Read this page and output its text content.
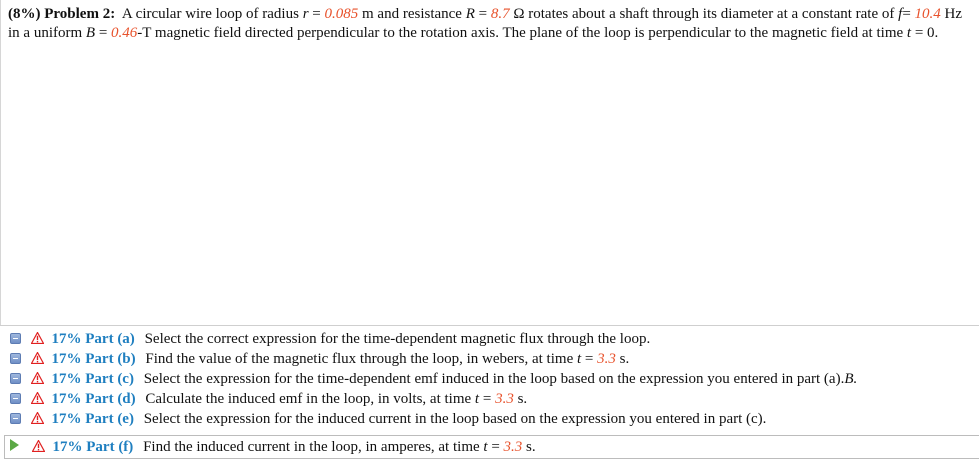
(8%) Problem 2: A circular wire loop of radius r = 0.085 m and resistance R = 8.7 Ω rotates about a shaft through its diameter at a constant rate of f= 10.4 Hz in a uniform B = 0.46-T magnetic field directed perpendicular to the rotation axis. The plane of the loop is perpendicular to the magnetic field at time t = 0.
17% Part (a) Select the correct expression for the time-dependent magnetic flux through the loop.
17% Part (b) Find the value of the magnetic flux through the loop, in webers, at time t = 3.3 s.
17% Part (c) Select the expression for the time-dependent emf induced in the loop based on the expression you entered in part (a).B.
17% Part (d) Calculate the induced emf in the loop, in volts, at time t = 3.3 s.
17% Part (e) Select the expression for the induced current in the loop based on the expression you entered in part (c).
17% Part (f) Find the induced current in the loop, in amperes, at time t = 3.3 s.
